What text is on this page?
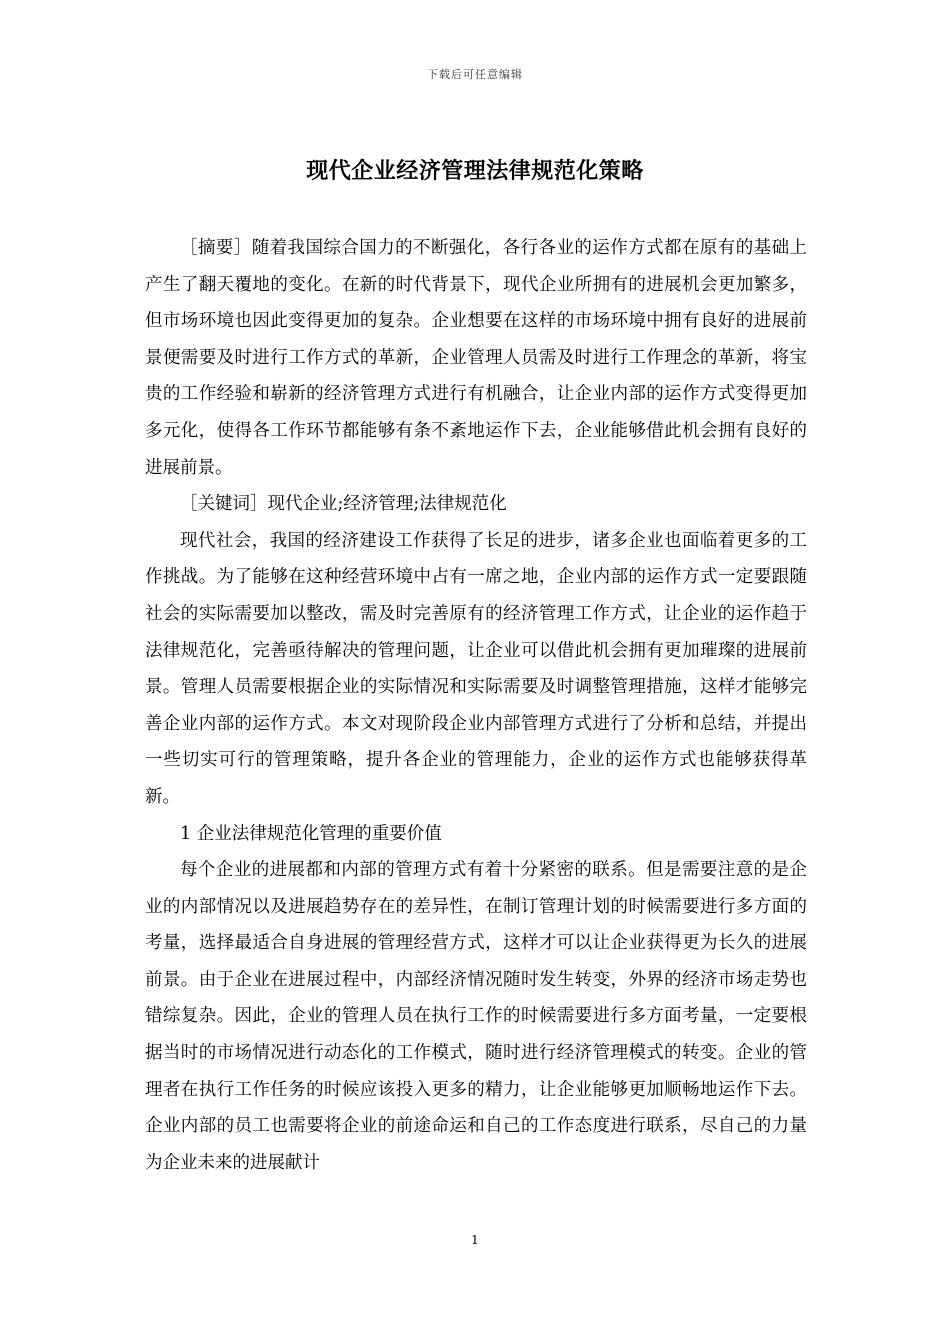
下载后可任意编辑
现代企业经济管理法律规范化策略

［摘要］随着我国综合国力的不断强化，各行各业的运作方式都在原有的基础上产生了翻天覆地的变化。在新的时代背景下，现代企业所拥有的进展机会更加繁多，但市场环境也因此变得更加的复杂。企业想要在这样的市场环境中拥有良好的进展前景便需要及时进行工作方式的革新，企业管理人员需及时进行工作理念的革新，将宝贵的工作经验和崭新的经济管理方式进行有机融合，让企业内部的运作方式变得更加多元化，使得各工作环节都能够有条不紊地运作下去，企业能够借此机会拥有良好的进展前景。

［关键词］现代企业;经济管理;法律规范化

现代社会，我国的经济建设工作获得了长足的进步，诸多企业也面临着更多的工作挑战。为了能够在这种经营环境中占有一席之地，企业内部的运作方式一定要跟随社会的实际需要加以整改，需及时完善原有的经济管理工作方式，让企业的运作趋于法律规范化，完善亟待解决的管理问题，让企业可以借此机会拥有更加璀璨的进展前景。管理人员需要根据企业的实际情况和实际需要及时调整管理措施，这样才能够完善企业内部的运作方式。本文对现阶段企业内部管理方式进行了分析和总结，并提出一些切实可行的管理策略，提升各企业的管理能力，企业的运作方式也能够获得革新。

1 企业法律规范化管理的重要价值

每个企业的进展都和内部的管理方式有着十分紧密的联系。但是需要注意的是企业的内部情况以及进展趋势存在的差异性，在制订管理计划的时候需要进行多方面的考量，选择最适合自身进展的管理经营方式，这样才可以让企业获得更为长久的进展前景。由于企业在进展过程中，内部经济情况随时发生转变，外界的经济市场走势也错综复杂。因此，企业的管理人员在执行工作的时候需要进行多方面考量，一定要根据当时的市场情况进行动态化的工作模式，随时进行经济管理模式的转变。企业的管理者在执行工作任务的时候应该投入更多的精力，让企业能够更加顺畅地运作下去。企业内部的员工也需要将企业的前途命运和自己的工作态度进行联系，尽自己的力量为企业未来的进展献计

1
